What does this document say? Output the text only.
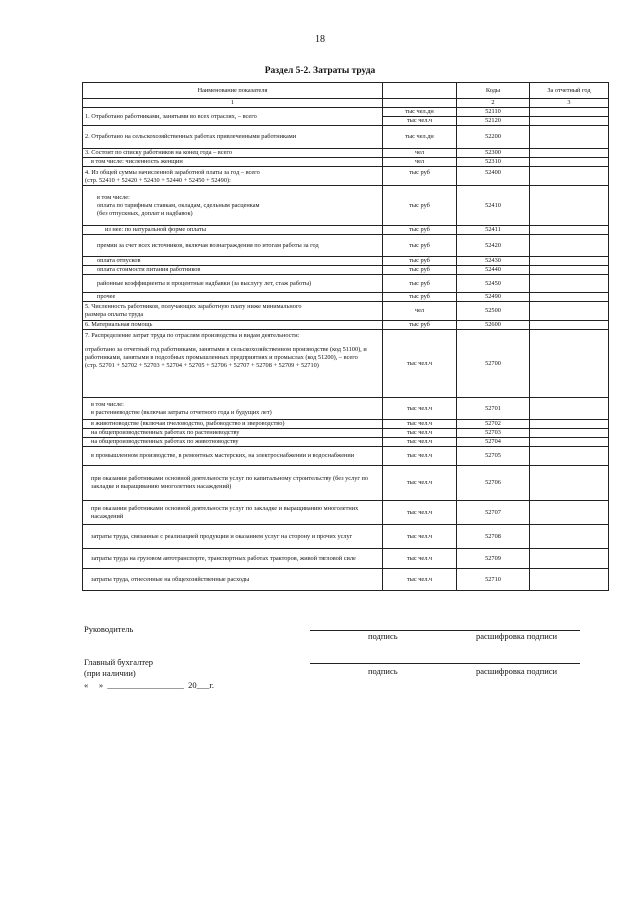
18
Раздел 5-2. Затраты труда
Наименование показателя		Коды	За отчетный год
1		2	3
1. Отработано работниками, занятыми во всех отраслях, – всего	тыс чел.дн	52110	
	тыс чел.ч	52120	
2. Отработано на сельскохозяйственных работах привлеченными работниками	тыс чел.дн	52200	
3. Состоит по списку работников на конец года – всего	чел	52300	
в том числе: численность женщин	чел	52310	

4. Из общей суммы начисленной заработной платы за год – всего
(стр. 52410 + 52420 + 52430 + 52440 + 52450 + 52490):	тыс руб	52400	

в том числе:
оплата по тарифным ставкам, окладам, сдельным расценкам
(без отпускных, доплат и надбавок)	тыс руб	52410	
из нее: по натуральной форме оплаты	тыс руб	52411	
премии за счет всех источников, включая вознаграждения по итогам работы за год	тыс руб	52420	
оплата отпусков	тыс руб	52430	
оплата стоимости питания работников	тыс руб	52440	
районные коэффициенты и процентные надбавки (за выслугу лет, стаж работы)	тыс руб	52450	
прочее	тыс руб	52490	

5. Численность работников, получающих заработную плату ниже минимального
размера оплаты труда	чел	52500	
6. Материальная помощь	тыс руб	52600	

7. Распределение затрат труда по отраслям производства и видам деятельности:
отработано за отчетный год работниками, занятыми в сельскохозяйственном производстве (код 51100), и работниками, занятыми в подсобных промышленных предприятиях и промыслах (код 51200), – всего
(стр. 52701 + 52702 + 52703 + 52704 + 52705 + 52706 + 52707 + 52708 + 52709 + 52710)	тыс чел.ч	52700	

в том числе:
в растениеводстве (включая затраты отчетного года и будущих лет)	тыс чел.ч	52701	
в животноводстве (включая пчеловодство, рыбоводство и звероводство)	тыс чел.ч	52702	
на общепроизводственных работах по растениеводству	тыс чел.ч	52703	
на общепроизводственных работах по животноводству	тыс чел.ч	52704	
в промышленном производстве, в ремонтных мастерских, на электроснабжении и водоснабжении	тыс чел.ч	52705	
при оказании работниками основной деятельности услуг по капитальному строительству (без услуг по закладке и выращиванию многолетних насаждений)	тыс чел.ч	52706	
при оказании работниками основной деятельности услуг по закладке и выращиванию многолетних насаждений	тыс чел.ч	52707	
затраты труда, связанные с реализацией продукции и оказанием услуг на сторону и прочих услуг	тыс чел.ч	52708	
затраты труда на грузовом автотранспорте, транспортных работах тракторов, живой тягловой силе	тыс чел.ч	52709	
затраты труда, отнесенные на общехозяйственные расходы	тыс чел.ч	52710	
Руководитель
подпись	расшифровка подписи
Главный бухгалтер
(при наличии)	подпись	расшифровка подписи
«     »  __________________  20___г.
